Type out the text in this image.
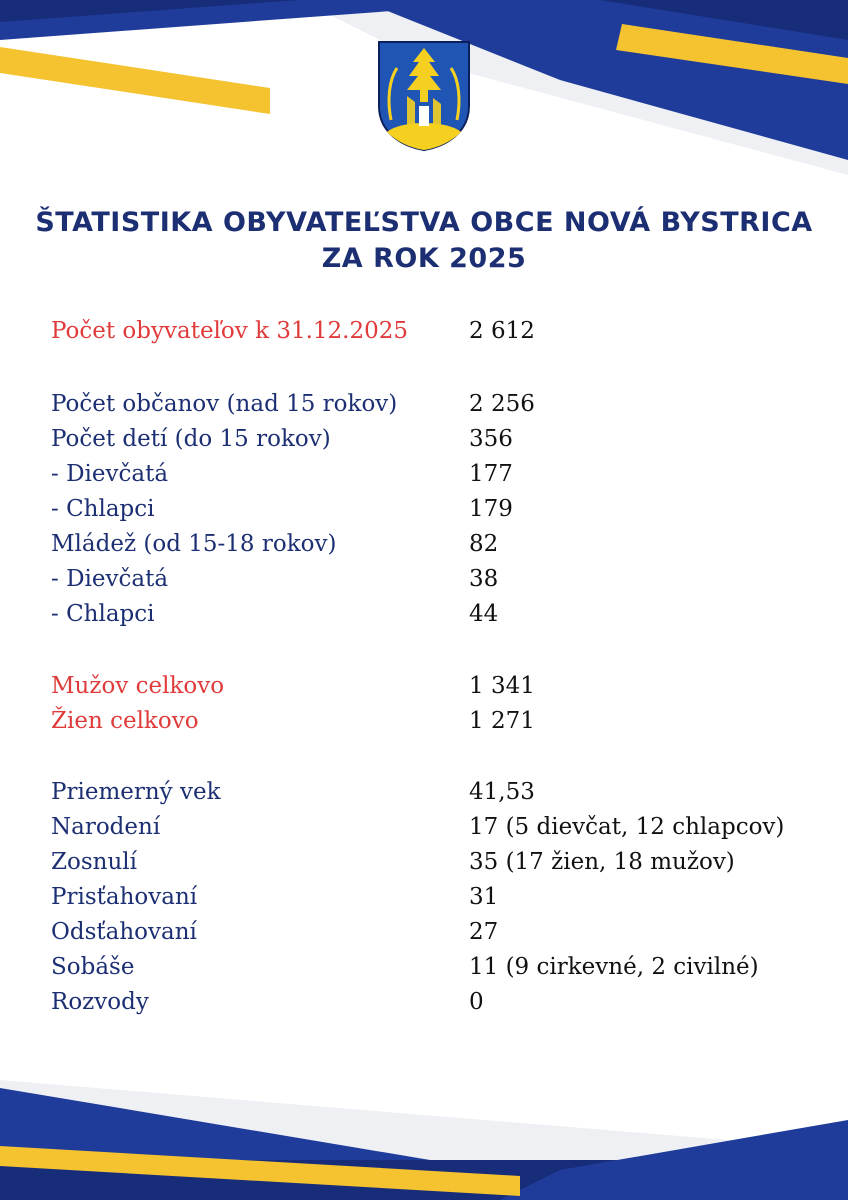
ŠTATISTIKA OBYVATEĽSTVA OBCE NOVÁ BYSTRICA
ZA ROK 2025
Počet obyvateľov k 31.12.2025	2 612
Počet občanov (nad 15 rokov)	2 256
Počet detí (do 15 rokov)	356
- Dievčatá	177
- Chlapci	179
Mládež (od 15-18 rokov)	82
- Dievčatá	38
- Chlapci	44
Mužov celkovo	1 341
Žien celkovo	1 271
Priemerný vek	41,53
Narodení	17 (5 dievčat, 12 chlapcov)
Zosnulí	35 (17 žien, 18 mužov)
Prisťahovaní	31
Odsťahovaní	27
Sobáše	11 (9 cirkevné, 2 civilné)
Rozvody	0
